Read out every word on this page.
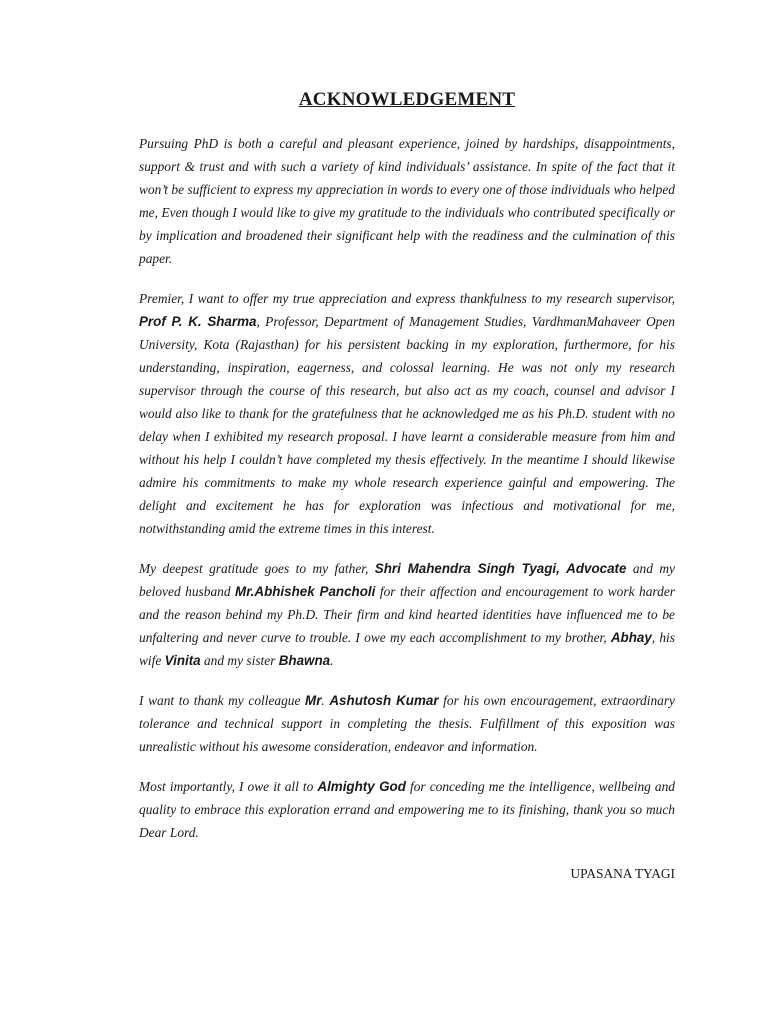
ACKNOWLEDGEMENT

Pursuing PhD is both a careful and pleasant experience, joined by hardships, disappointments, support & trust and with such a variety of kind individuals’ assistance. In spite of the fact that it won’t be sufficient to express my appreciation in words to every one of those individuals who helped me, Even though I would like to give my gratitude to the individuals who contributed specifically or by implication and broadened their significant help with the readiness and the culmination of this paper.

Premier, I want to offer my true appreciation and express thankfulness to my research supervisor, Prof P. K. Sharma, Professor, Department of Management Studies, VardhmanMahaveer Open University, Kota (Rajasthan) for his persistent backing in my exploration, furthermore, for his understanding, inspiration, eagerness, and colossal learning. He was not only my research supervisor through the course of this research, but also act as my coach, counsel and advisor I would also like to thank for the gratefulness that he acknowledged me as his Ph.D. student with no delay when I exhibited my research proposal. I have learnt a considerable measure from him and without his help I couldn’t have completed my thesis effectively. In the meantime I should likewise admire his commitments to make my whole research experience gainful and empowering. The delight and excitement he has for exploration was infectious and motivational for me, notwithstanding amid the extreme times in this interest.

My deepest gratitude goes to my father, Shri Mahendra Singh Tyagi, Advocate and my beloved husband Mr.Abhishek Pancholi for their affection and encouragement to work harder and the reason behind my Ph.D. Their firm and kind hearted identities have influenced me to be unfaltering and never curve to trouble. I owe my each accomplishment to my brother, Abhay, his wife Vinita and my sister Bhawna.

I want to thank my colleague Mr. Ashutosh Kumar for his own encouragement, extraordinary tolerance and technical support in completing the thesis. Fulfillment of this exposition was unrealistic without his awesome consideration, endeavor and information.

Most importantly, I owe it all to Almighty God for conceding me the intelligence, wellbeing and quality to embrace this exploration errand and empowering me to its finishing, thank you so much Dear Lord.

UPASANA TYAGI
